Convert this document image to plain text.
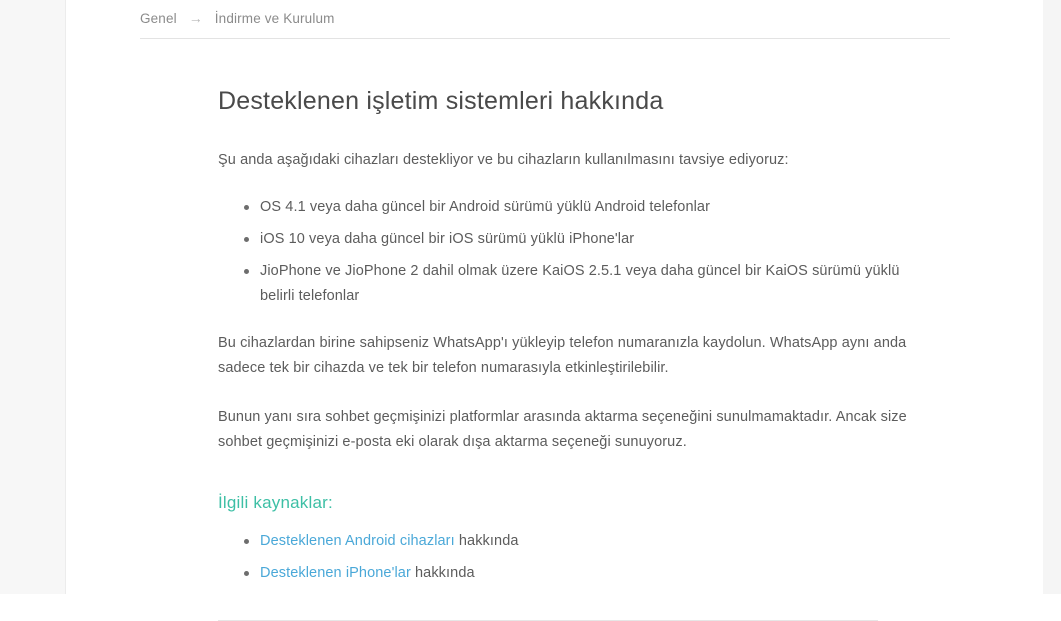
Genel → İndirme ve Kurulum
Desteklenen işletim sistemleri hakkında

Şu anda aşağıdaki cihazları destekliyor ve bu cihazların kullanılmasını tavsiye ediyoruz:

OS 4.1 veya daha güncel bir Android sürümü yüklü Android telefonlar
iOS 10 veya daha güncel bir iOS sürümü yüklü iPhone'lar
JioPhone ve JioPhone 2 dahil olmak üzere KaiOS 2.5.1 veya daha güncel bir KaiOS sürümü yüklü belirli telefonlar

Bu cihazlardan birine sahipseniz WhatsApp'ı yükleyip telefon numaranızla kaydolun. WhatsApp aynı anda sadece tek bir cihazda ve tek bir telefon numarasıyla etkinleştirilebilir.

Bunun yanı sıra sohbet geçmişinizi platformlar arasında aktarma seçeneğini sunulmamaktadır. Ancak size sohbet geçmişinizi e-posta eki olarak dışa aktarma seçeneği sunuyoruz.

İlgili kaynaklar:
Desteklenen Android cihazları hakkında
Desteklenen iPhone'lar hakkında
